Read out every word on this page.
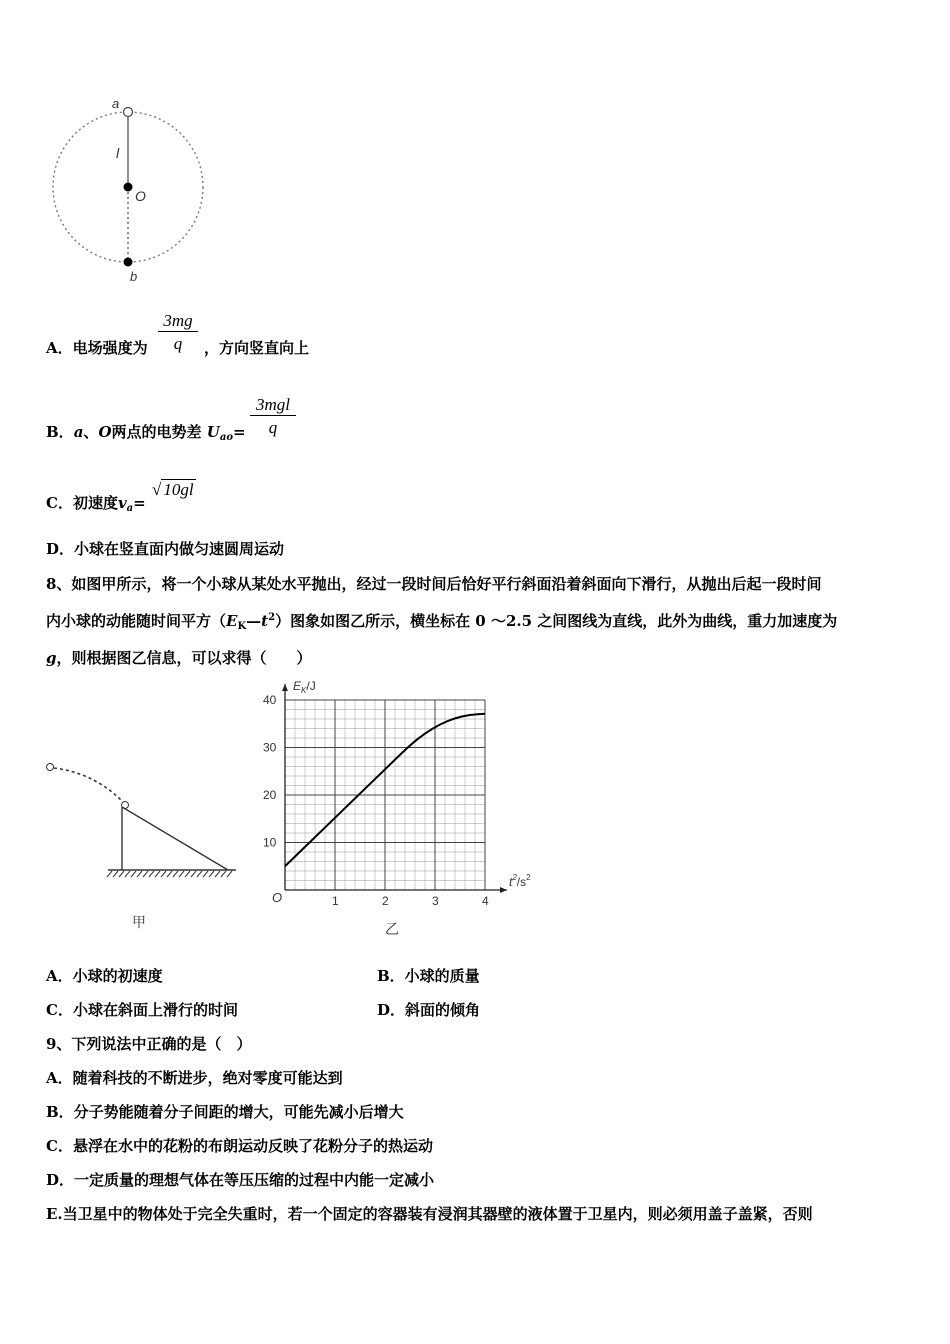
a
l
O
b
A．电场强度为
3mg
q	，方向竖直向上
B．a、O两点的电势差 $U_{ao}=$
3mgl
q
C．初速度$v_a=$
√ 10gl
D．小球在竖直面内做匀速圆周运动
8、如图甲所示，将一个小球从某处水平抛出，经过一段时间后恰好平行斜面沿着斜面向下滑行，从抛出后起一段时间
内小球的动能随时间平方$(E_K—t^2)$图象如图乙所示，横坐标在 0 ～2.5 之间图线为直线，此外为曲线，重力加速度为
g，则根据图乙信息，可以求得（　　）
甲
1	2	3	4
10
20
30
40
O
$E_K/J$
$t^2/s^2$
乙
A．小球的初速度	B．小球的质量
C．小球在斜面上滑行的时间	D．斜面的倾角
9、下列说法中正确的是（　）
A．随着科技的不断进步，绝对零度可能达到
B．分子势能随着分子间距的增大，可能先减小后增大
C．悬浮在水中的花粉的布朗运动反映了花粉分子的热运动
D．一定质量的理想气体在等压压缩的过程中内能一定减小
E.当卫星中的物体处于完全失重时，若一个固定的容器装有浸润其器壁的液体置于卫星内，则必须用盖子盖紧，否则
